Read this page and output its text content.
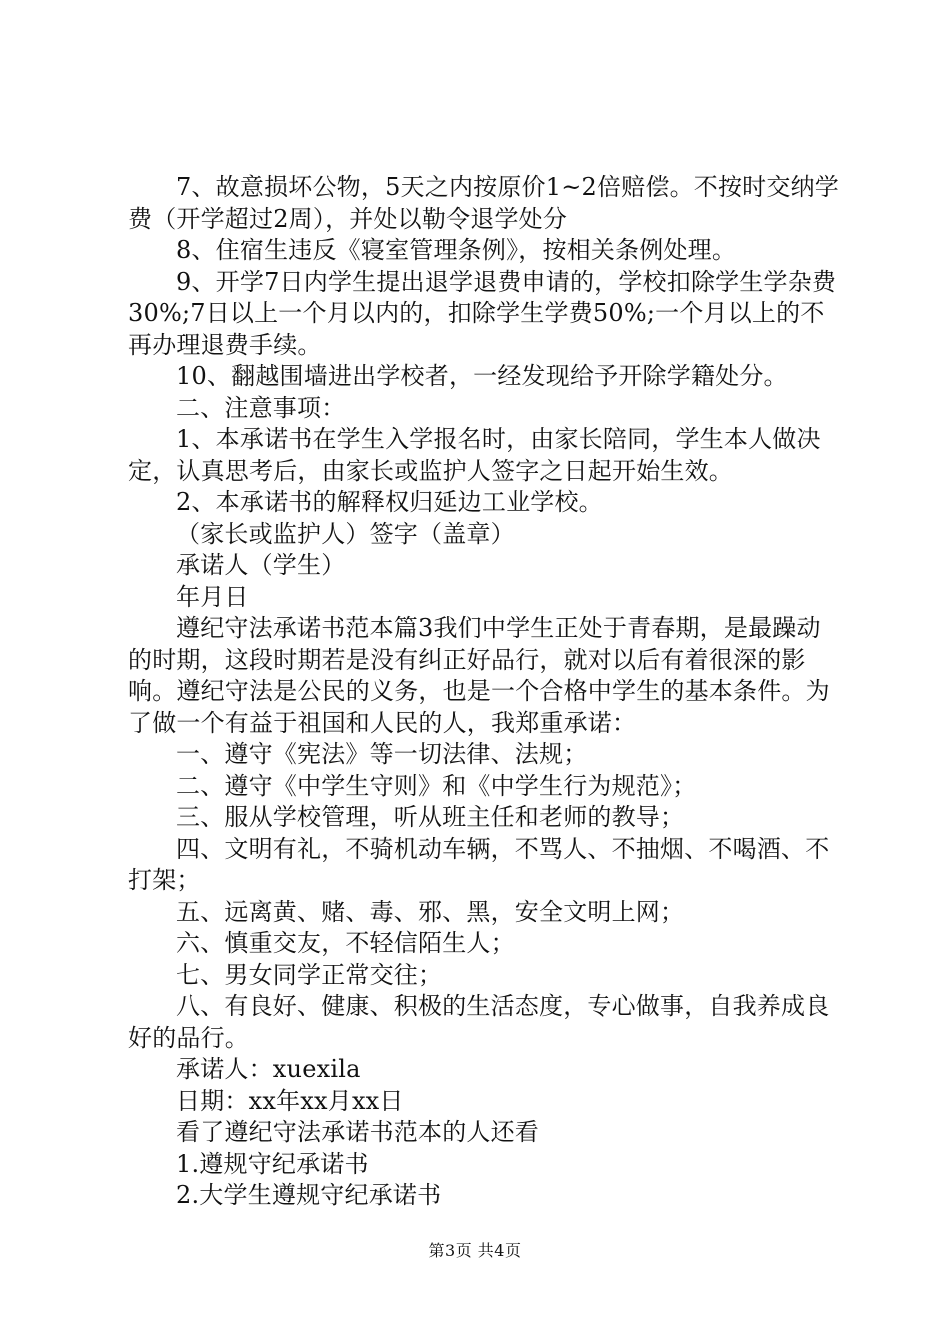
7、故意损坏公物，5天之内按原价1~2倍赔偿。不按时交纳学费（开学超过2周），并处以勒令退学处分

8、住宿生违反《寝室管理条例》，按相关条例处理。

9、开学7日内学生提出退学退费申请的，学校扣除学生学杂费30%;7日以上一个月以内的，扣除学生学费50%;一个月以上的不再办理退费手续。

10、翻越围墙进出学校者，一经发现给予开除学籍处分。

二、注意事项：

1、本承诺书在学生入学报名时，由家长陪同，学生本人做决定，认真思考后，由家长或监护人签字之日起开始生效。

2、本承诺书的解释权归延边工业学校。

（家长或监护人）签字（盖章）

承诺人（学生）

年月日

遵纪守法承诺书范本篇3我们中学生正处于青春期，是最躁动的时期，这段时期若是没有纠正好品行，就对以后有着很深的影响。遵纪守法是公民的义务，也是一个合格中学生的基本条件。为了做一个有益于祖国和人民的人，我郑重承诺：

一、遵守《宪法》等一切法律、法规；

二、遵守《中学生守则》和《中学生行为规范》；

三、服从学校管理，听从班主任和老师的教导；

四、文明有礼，不骑机动车辆，不骂人、不抽烟、不喝酒、不打架；

五、远离黄、赌、毒、邪、黑，安全文明上网；

六、慎重交友，不轻信陌生人；

七、男女同学正常交往；

八、有良好、健康、积极的生活态度，专心做事，自我养成良好的品行。

承诺人：xuexila

日期：xx年xx月xx日

看了遵纪守法承诺书范本的人还看

1.遵规守纪承诺书

2.大学生遵规守纪承诺书

第3页 共4页
